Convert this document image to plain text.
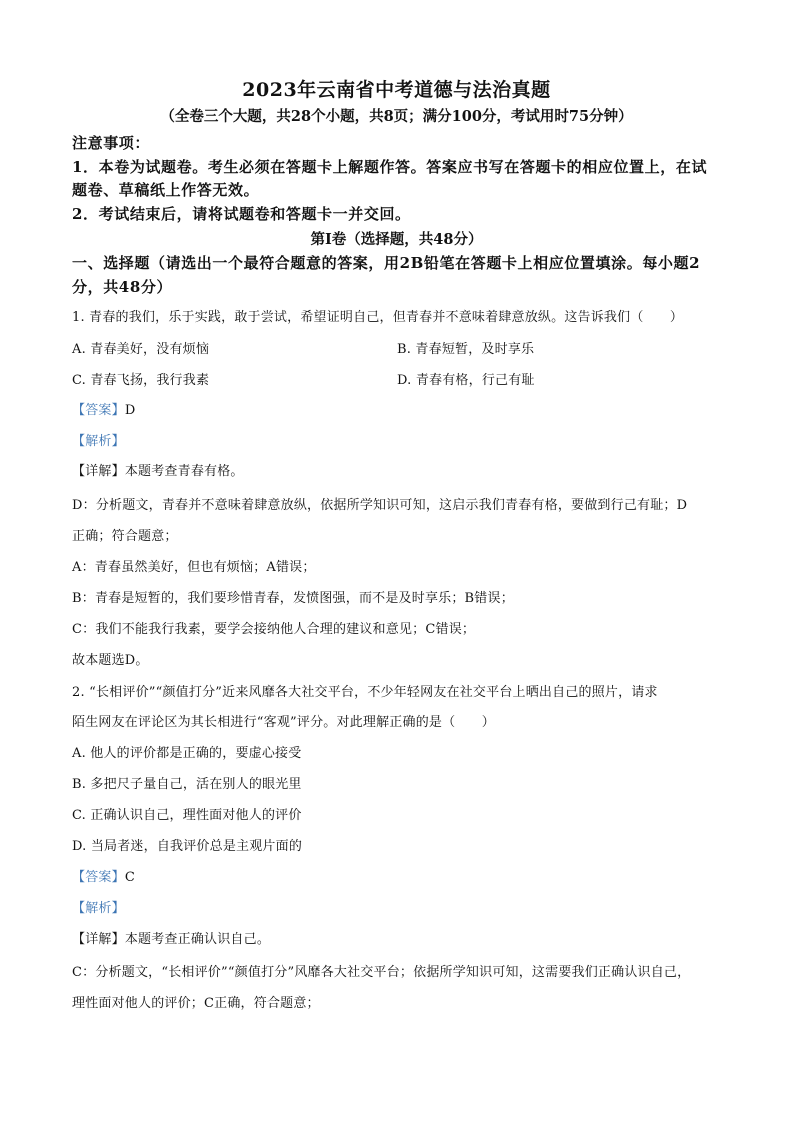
2023年云南省中考道德与法治真题
（全卷三个大题，共28个小题，共8页；满分100分，考试用时75分钟）
注意事项：
1．本卷为试题卷。考生必须在答题卡上解题作答。答案应书写在答题卡的相应位置上，在试
题卷、草稿纸上作答无效。
2．考试结束后，请将试题卷和答题卡一并交回。
第Ⅰ卷（选择题，共48分）
一、选择题（请选出一个最符合题意的答案，用2B铅笔在答题卡上相应位置填涂。每小题2
分，共48分）
1. 青春的我们，乐于实践，敢于尝试，希望证明自己，但青春并不意味着肆意放纵。这告诉我们（　　）
A. 青春美好，没有烦恼	B. 青春短暂，及时享乐
C. 青春飞扬，我行我素	D. 青春有格，行己有耻
【答案】D
【解析】
【详解】本题考查青春有格。
D：分析题文，青春并不意味着肆意放纵，依据所学知识可知，这启示我们青春有格，要做到行己有耻；D
正确；符合题意；
A：青春虽然美好，但也有烦恼；A错误；
B：青春是短暂的，我们要珍惜青春，发愤图强，而不是及时享乐；B错误；
C：我们不能我行我素，要学会接纳他人合理的建议和意见；C错误；
故本题选D。
2. “长相评价”“颜值打分”近来风靡各大社交平台，不少年轻网友在社交平台上晒出自己的照片，请求
陌生网友在评论区为其长相进行“客观”评分。对此理解正确的是（　　）
A. 他人的评价都是正确的，要虚心接受
B. 多把尺子量自己，活在别人的眼光里
C. 正确认识自己，理性面对他人的评价
D. 当局者迷，自我评价总是主观片面的
【答案】C
【解析】
【详解】本题考查正确认识自己。
C：分析题文，“长相评价”“颜值打分”风靡各大社交平台；依据所学知识可知，这需要我们正确认识自己，
理性面对他人的评价；C正确，符合题意；
